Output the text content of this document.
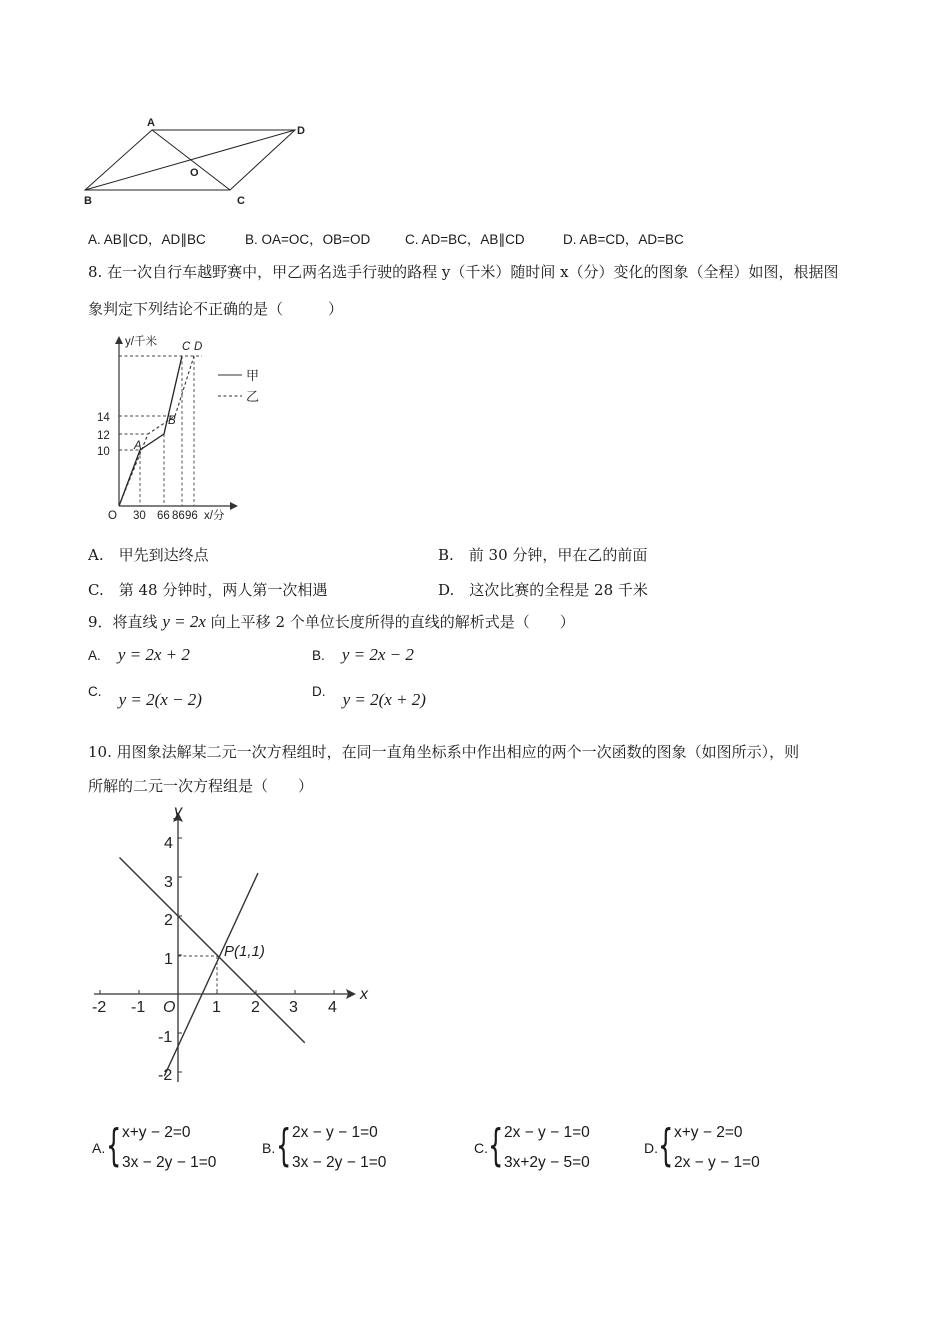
A
B	C
D
O
A. AB∥CD，AD∥BC	B. OA=OC，OB=OD	C. AD=BC，AB∥CD	D. AB=CD，AD=BC
8. 在一次自行车越野赛中，甲乙两名选手行驶的路程 y（千米）随时间 x（分）变化的图象（全程）如图，根据图
象判定下列结论不正确的是（　　　）
y/千米
O
14
12
10
30 66 86 96 x/分
A
B
C D
甲
乙
A.　甲先到达终点	B.　前 30 分钟，甲在乙的前面
C.　第 48 分钟时，两人第一次相遇	D.　这次比赛的全程是 28 千米
9．将直线 y = 2x 向上平移 2 个单位长度所得的直线的解析式是（　　）
A. y = 2x + 2	B. y = 2x − 2
$^{C.}$ y = 2(x − 2)	$^{D.}$ y = 2(x + 2)
10. 用图象法解某二元一次方程组时，在同一直角坐标系中作出相应的两个一次函数的图象（如图所示），则
所解的二元一次方程组是（　　）
y
x
O
P(1,1)
-2 -1	1 2 3 4
4
3
2
1
-1
-2
A. { x+y − 2=0
3x − 2y − 1=0
B. { 2x − y − 1=0
3x − 2y − 1=0
C. { 2x − y − 1=0
3x+2y − 5=0
D. { x+y − 2=0
2x − y − 1=0
